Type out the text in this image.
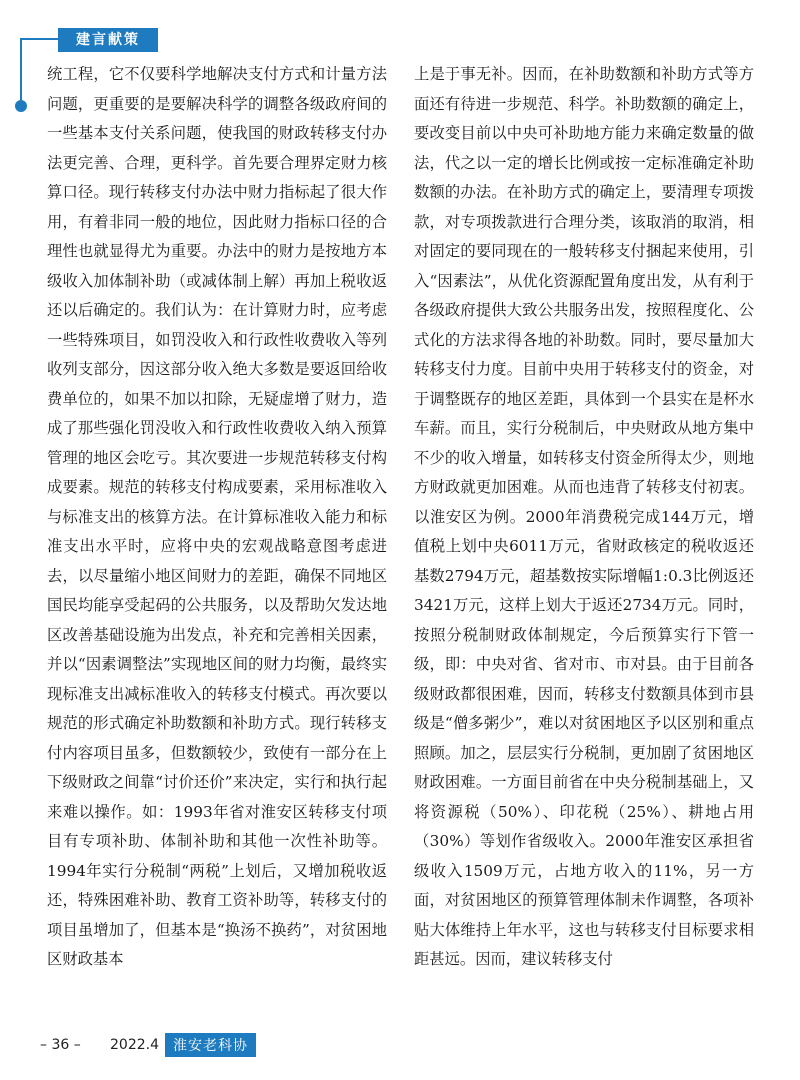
建言献策

统工程，它不仅要科学地解决支付方式和计量方法问题，更重要的是要解决科学的调整各级政府间的一些基本支付关系问题，使我国的财政转移支付办法更完善、合理，更科学。首先要合理界定财力核算口径。现行转移支付办法中财力指标起了很大作用，有着非同一般的地位，因此财力指标口径的合理性也就显得尤为重要。办法中的财力是按地方本级收入加体制补助（或减体制上解）再加上税收返还以后确定的。我们认为：在计算财力时，应考虑一些特殊项目，如罚没收入和行政性收费收入等列收列支部分，因这部分收入绝大多数是要返回给收费单位的，如果不加以扣除，无疑虚增了财力，造成了那些强化罚没收入和行政性收费收入纳入预算管理的地区会吃亏。其次要进一步规范转移支付构成要素。规范的转移支付构成要素，采用标准收入与标准支出的核算方法。在计算标准收入能力和标准支出水平时，应将中央的宏观战略意图考虑进去，以尽量缩小地区间财力的差距，确保不同地区国民均能享受起码的公共服务，以及帮助欠发达地区改善基础设施为出发点，补充和完善相关因素，并以“因素调整法”实现地区间的财力均衡，最终实现标准支出减标准收入的转移支付模式。再次要以规范的形式确定补助数额和补助方式。现行转移支付内容项目虽多，但数额较少，致使有一部分在上下级财政之间靠“讨价还价”来决定，实行和执行起来难以操作。如：1993年省对淮安区转移支付项目有专项补助、体制补助和其他一次性补助等。1994年实行分税制“两税”上划后，又增加税收返还，特殊困难补助、教育工资补助等，转移支付的项目虽增加了，但基本是“换汤不换药”，对贫困地区财政基本

上是于事无补。因而，在补助数额和补助方式等方面还有待进一步规范、科学。补助数额的确定上，要改变目前以中央可补助地方能力来确定数量的做法，代之以一定的增长比例或按一定标准确定补助数额的办法。在补助方式的确定上，要清理专项拨款，对专项拨款进行合理分类，该取消的取消，相对固定的要同现在的一般转移支付捆起来使用，引入“因素法”，从优化资源配置角度出发，从有利于各级政府提供大致公共服务出发，按照程度化、公式化的方法求得各地的补助数。同时，要尽量加大转移支付力度。目前中央用于转移支付的资金，对于调整既存的地区差距，具体到一个县实在是杯水车薪。而且，实行分税制后，中央财政从地方集中不少的收入增量，如转移支付资金所得太少，则地方财政就更加困难。从而也违背了转移支付初衷。以淮安区为例。2000年消费税完成144万元，增值税上划中央6011万元，省财政核定的税收返还基数2794万元，超基数按实际增幅1:0.3比例返还3421万元，这样上划大于返还2734万元。同时，按照分税制财政体制规定，今后预算实行下管一级，即：中央对省、省对市、市对县。由于目前各级财政都很困难，因而，转移支付数额具体到市县级是“僧多粥少”，难以对贫困地区予以区别和重点照顾。加之，层层实行分税制，更加剧了贫困地区财政困难。一方面目前省在中央分税制基础上，又将资源税（50%）、印花税（25%）、耕地占用（30%）等划作省级收入。2000年淮安区承担省级收入1509万元，占地方收入的11%，另一方面，对贫困地区的预算管理体制未作调整，各项补贴大体维持上年水平，这也与转移支付目标要求相距甚远。因而，建议转移支付

– 36 –	2022.4	淮安老科协
